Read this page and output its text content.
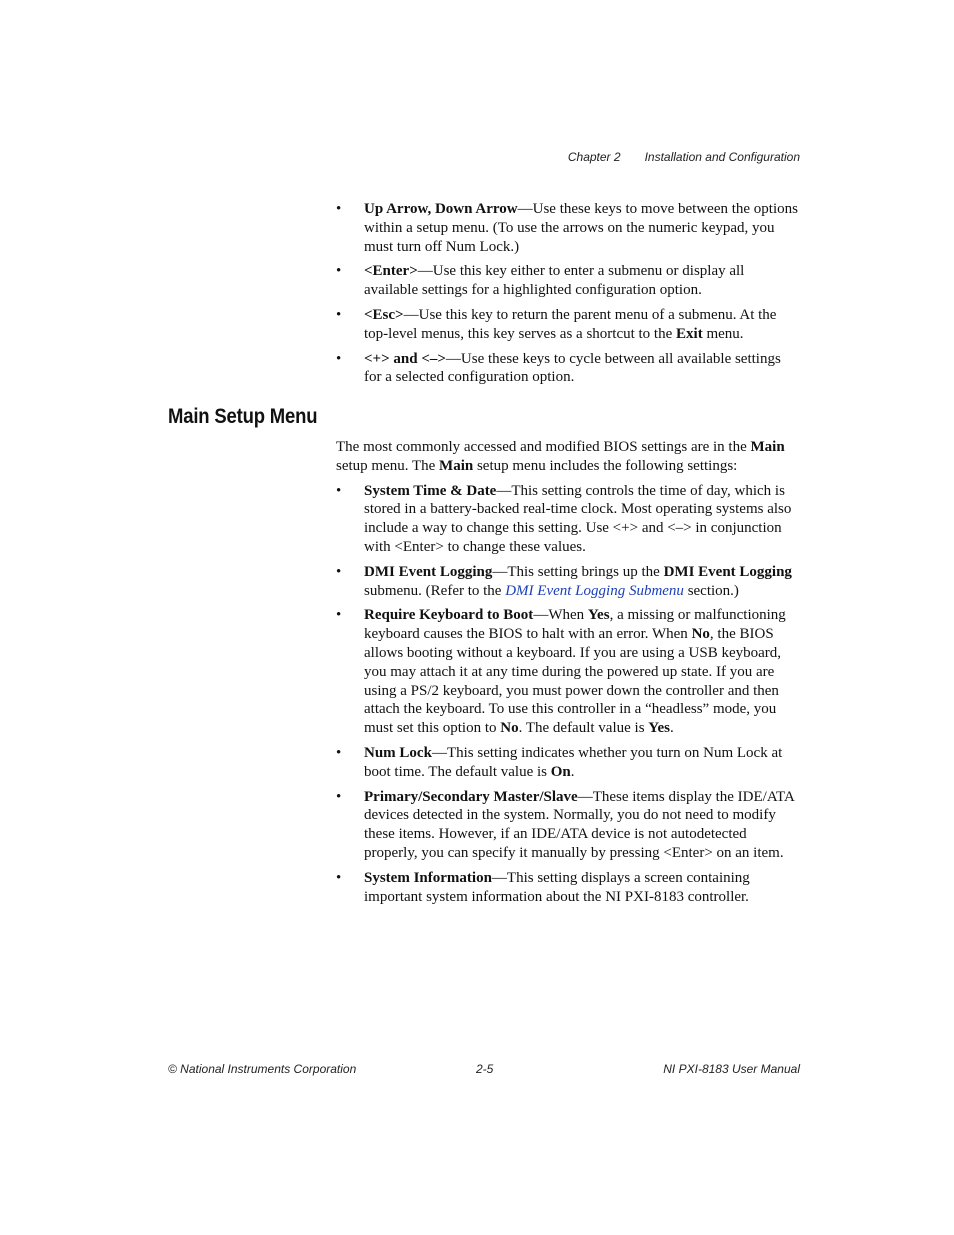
Chapter 2 Installation and Configuration
• Up Arrow, Down Arrow—Use these keys to move between the options within a setup menu. (To use the arrows on the numeric keypad, you must turn off Num Lock.)
• <Enter>—Use this key either to enter a submenu or display all available settings for a highlighted configuration option.
• <Esc>—Use this key to return the parent menu of a submenu. At the top-level menus, this key serves as a shortcut to the Exit menu.
• <+> and <–>—Use these keys to cycle between all available settings for a selected configuration option.
Main Setup Menu

The most commonly accessed and modified BIOS settings are in the Main setup menu. The Main setup menu includes the following settings:

• System Time & Date—This setting controls the time of day, which is stored in a battery-backed real-time clock. Most operating systems also include a way to change this setting. Use <+> and <–> in conjunction with <Enter> to change these values.
• DMI Event Logging—This setting brings up the DMI Event Logging submenu. (Refer to the DMI Event Logging Submenu section.)
• Require Keyboard to Boot—When Yes, a missing or malfunctioning keyboard causes the BIOS to halt with an error. When No, the BIOS allows booting without a keyboard. If you are using a USB keyboard, you may attach it at any time during the powered up state. If you are using a PS/2 keyboard, you must power down the controller and then attach the keyboard. To use this controller in a “headless” mode, you must set this option to No. The default value is Yes.
• Num Lock—This setting indicates whether you turn on Num Lock at boot time. The default value is On.
• Primary/Secondary Master/Slave—These items display the IDE/ATA devices detected in the system. Normally, you do not need to modify these items. However, if an IDE/ATA device is not autodetected properly, you can specify it manually by pressing <Enter> on an item.
• System Information—This setting displays a screen containing important system information about the NI PXI-8183 controller.
© National Instruments Corporation	2-5	NI PXI-8183 User Manual
